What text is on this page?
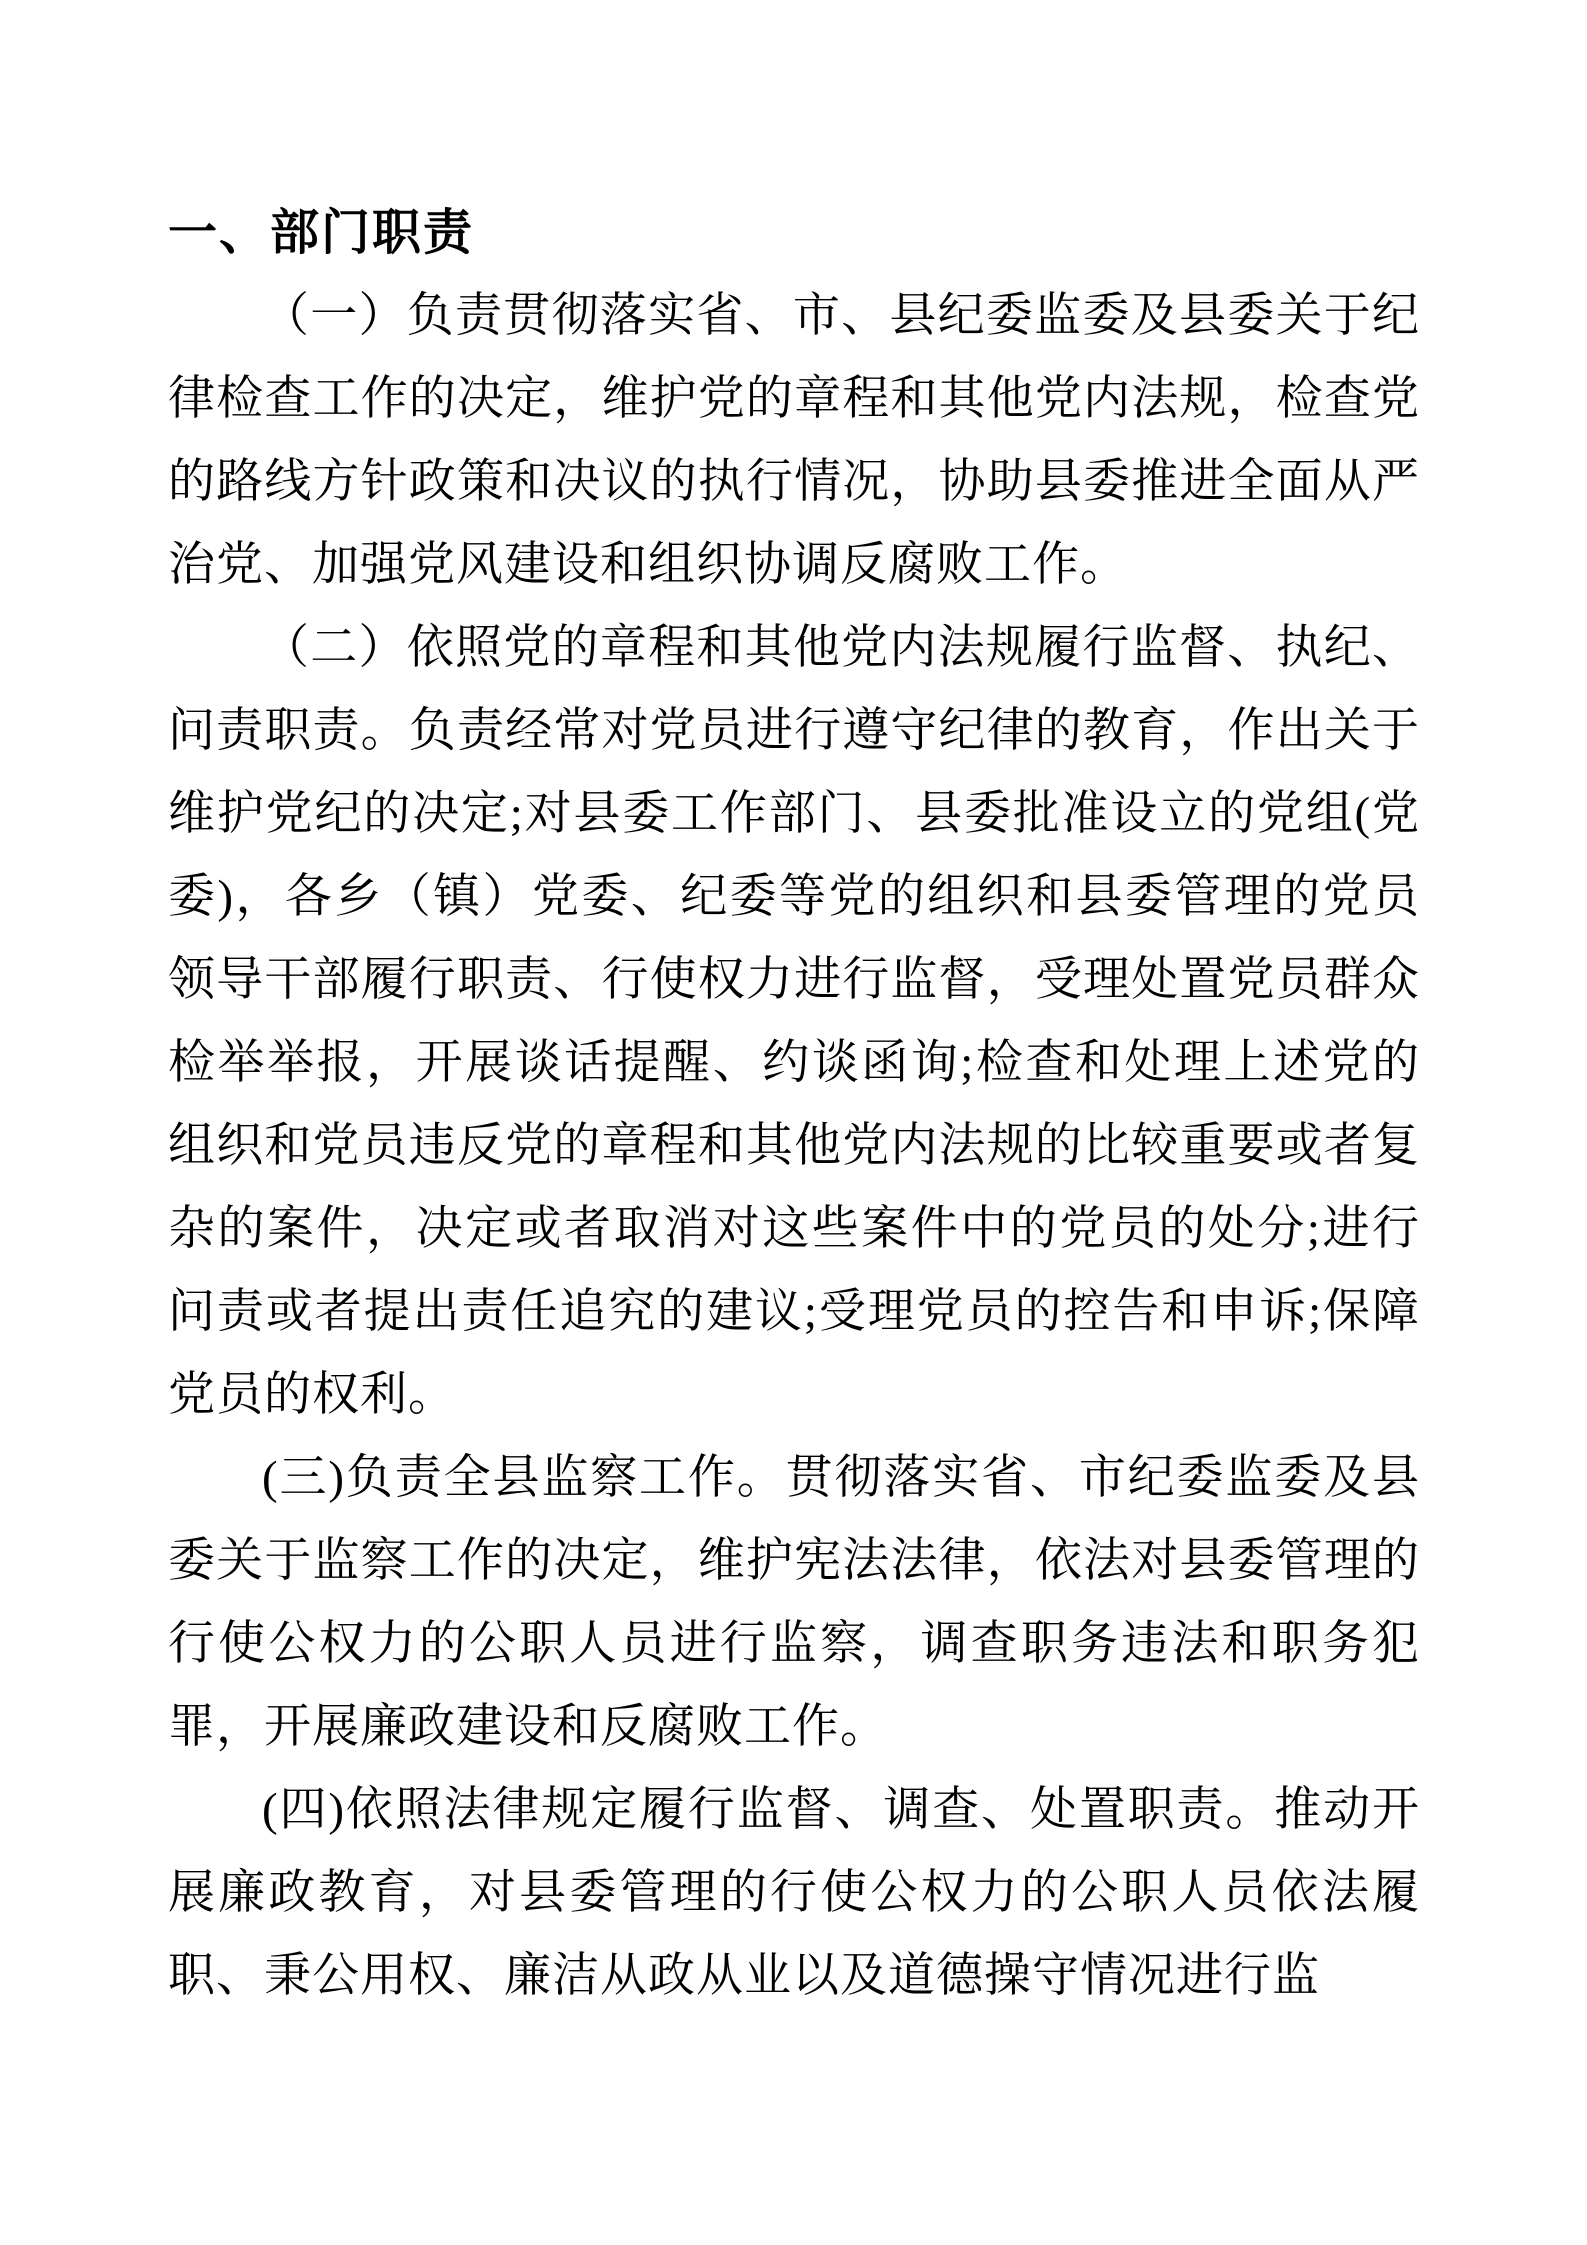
一、部门职责

（一）负责贯彻落实省、市、县纪委监委及县委关于纪律检查工作的决定，维护党的章程和其他党内法规，检查党的路线方针政策和决议的执行情况，协助县委推进全面从严治党、加强党风建设和组织协调反腐败工作。

（二）依照党的章程和其他党内法规履行监督、执纪、问责职责。负责经常对党员进行遵守纪律的教育，作出关于维护党纪的决定;对县委工作部门、县委批准设立的党组(党委)，各乡（镇）党委、纪委等党的组织和县委管理的党员领导干部履行职责、行使权力进行监督，受理处置党员群众检举举报，开展谈话提醒、约谈函询;检查和处理上述党的组织和党员违反党的章程和其他党内法规的比较重要或者复杂的案件，决定或者取消对这些案件中的党员的处分;进行问责或者提出责任追究的建议;受理党员的控告和申诉;保障党员的权利。

(三)负责全县监察工作。贯彻落实省、市纪委监委及县委关于监察工作的决定，维护宪法法律，依法对县委管理的行使公权力的公职人员进行监察，调查职务违法和职务犯罪，开展廉政建设和反腐败工作。

(四)依照法律规定履行监督、调查、处置职责。推动开展廉政教育，对县委管理的行使公权力的公职人员依法履职、秉公用权、廉洁从政从业以及道德操守情况进行监
